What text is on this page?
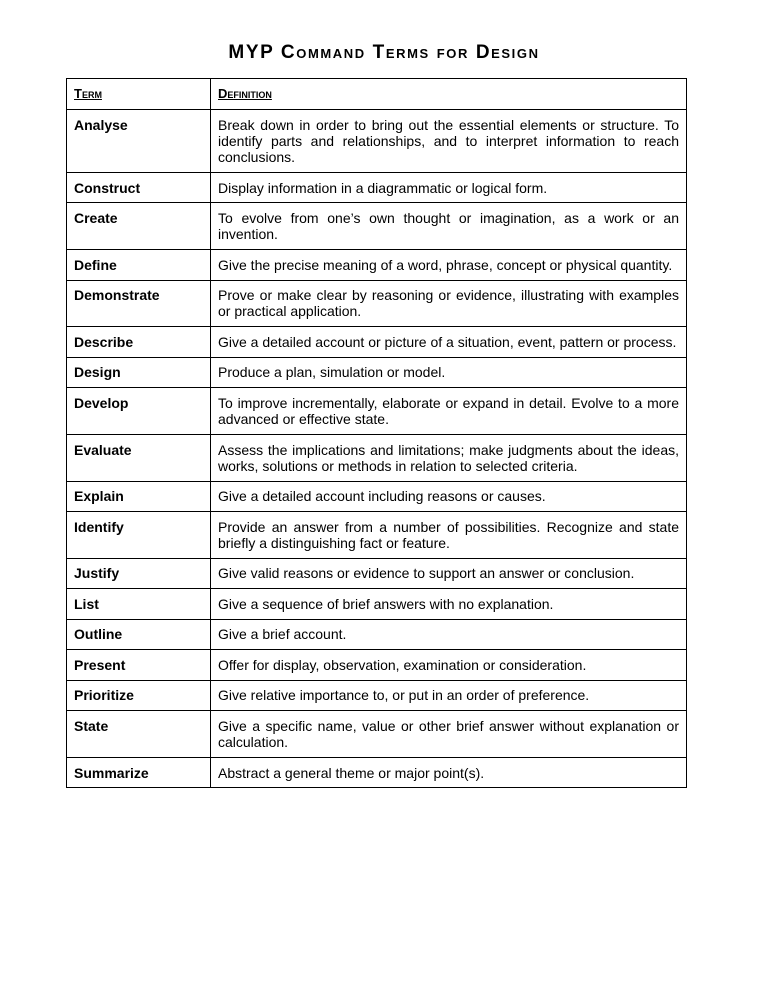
MYP Command Terms for Design
Term	Definition
Analyse	Break down in order to bring out the essential elements or structure. To identify parts and relationships, and to interpret information to reach conclusions.
Construct	Display information in a diagrammatic or logical form.
Create	To evolve from one’s own thought or imagination, as a work or an invention.
Define	Give the precise meaning of a word, phrase, concept or physical quantity.
Demonstrate	Prove or make clear by reasoning or evidence, illustrating with examples or practical application.
Describe	Give a detailed account or picture of a situation, event, pattern or process.
Design	Produce a plan, simulation or model.
Develop	To improve incrementally, elaborate or expand in detail. Evolve to a more advanced or effective state.
Evaluate	Assess the implications and limitations; make judgments about the ideas, works, solutions or methods in relation to selected criteria.
Explain	Give a detailed account including reasons or causes.
Identify	Provide an answer from a number of possibilities. Recognize and state briefly a distinguishing fact or feature.
Justify	Give valid reasons or evidence to support an answer or conclusion.
List	Give a sequence of brief answers with no explanation.
Outline	Give a brief account.
Present	Offer for display, observation, examination or consideration.
Prioritize	Give relative importance to, or put in an order of preference.
State	Give a specific name, value or other brief answer without explanation or calculation.
Summarize	Abstract a general theme or major point(s).
